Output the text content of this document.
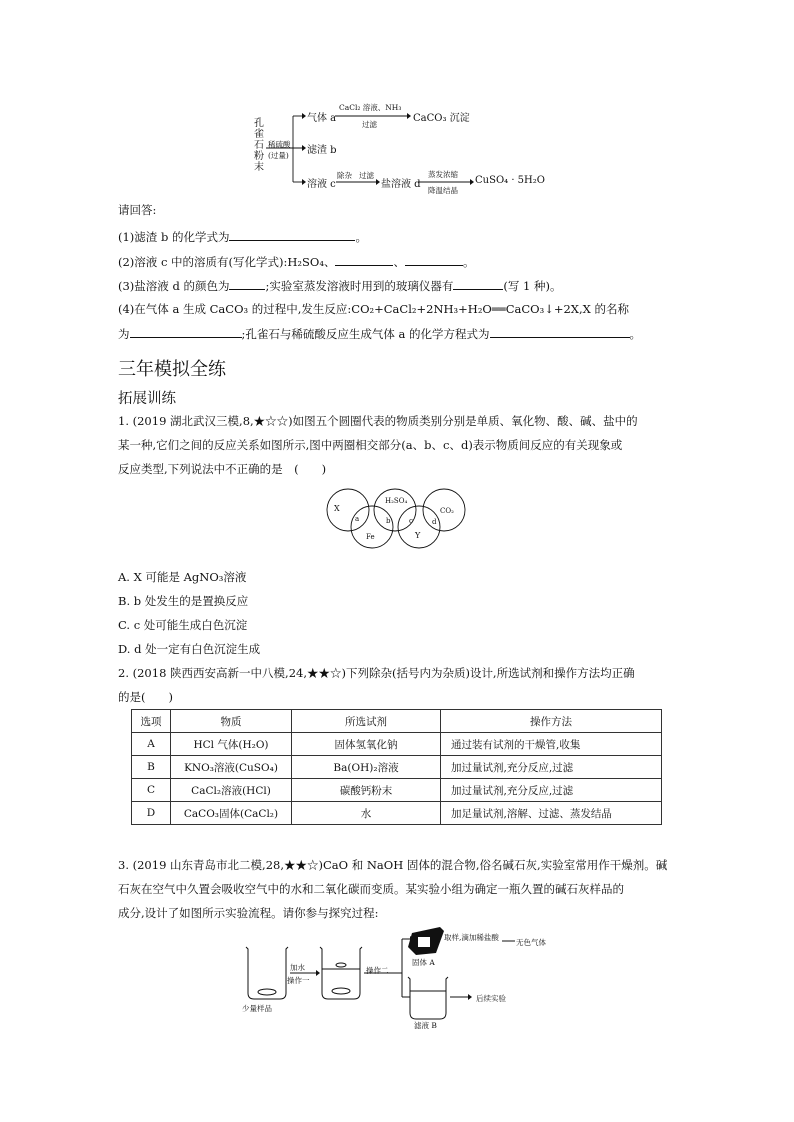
孔
雀
石
粉
末
稀硫酸
(过量)
气体 a
CaCl₂ 溶液、NH₃
过滤
CaCO₃ 沉淀
滤渣 b
溶液 c
除杂 过滤
盐溶液 d
蒸发浓缩
降温结晶
CuSO₄ · 5H₂O
请回答:
(1)滤渣 b 的化学式为	。
(2)溶液 c 中的溶质有(写化学式):H₂SO₄、	、	。
(3)盐溶液 d 的颜色为	;实验室蒸发溶液时用到的玻璃仪器有	(写 1 种)。
(4)在气体 a 生成 CaCO₃ 的过程中,发生反应:CO₂+CaCl₂+2NH₃+H₂O══CaCO₃↓+2X,X 的名称
为	;孔雀石与稀硫酸反应生成气体 a 的化学方程式为	。
三年模拟全练
拓展训练
1. (2019 湖北武汉三模,8,★☆☆)如图五个圆圈代表的物质类别分别是单质、氧化物、酸、碱、盐中的
某一种,它们之间的反应关系如图所示,图中两圈相交部分(a、b、c、d)表示物质间反应的有关现象或
反应类型,下列说法中不正确的是　(　　)
X
H₂SO₄
CO₂
Fe	Y
a	b	c	d
A. X 可能是 AgNO₃溶液
B. b 处发生的是置换反应
C. c 处可能生成白色沉淀
D. d 处一定有白色沉淀生成
2. (2018 陕西西安高新一中八模,24,★★☆)下列除杂(括号内为杂质)设计,所选试剂和操作方法均正确
的是(　　)
选项	物质	所选试剂	操作方法
A	HCl 气体(H₂O)	固体氢氧化钠	通过装有试剂的干燥管,收集
B	KNO₃溶液(CuSO₄)	Ba(OH)₂溶液	加过量试剂,充分反应,过滤
C	CaCl₂溶液(HCl)	碳酸钙粉末	加过量试剂,充分反应,过滤
D	CaCO₃固体(CaCl₂)	水	加足量试剂,溶解、过滤、蒸发结晶
3. (2019 山东青岛市北二模,28,★★☆)CaO 和 NaOH 固体的混合物,俗名碱石灰,实验室常用作干燥剂。碱
石灰在空气中久置会吸收空气中的水和二氧化碳而变质。某实验小组为确定一瓶久置的碱石灰样品的
成分,设计了如图所示实验流程。请你参与探究过程:
少量样品
加水
操作一
操作二
取样,滴加稀盐酸
无色气体
固体 A
后续实验
滤液 B
